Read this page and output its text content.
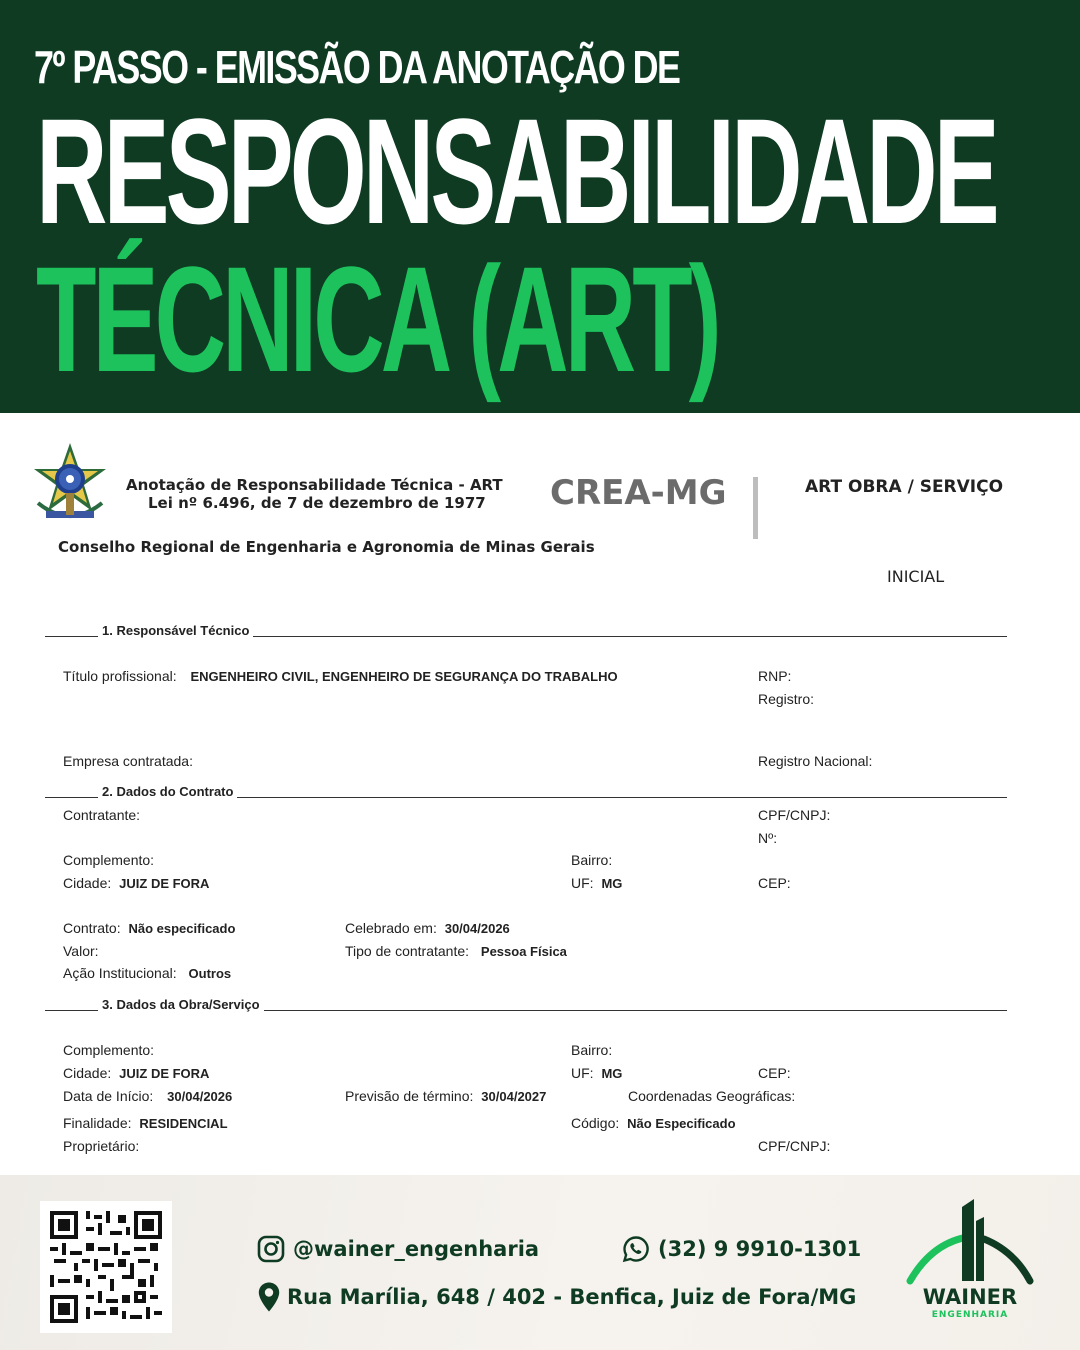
7º PASSO - EMISSÃO DA ANOTAÇÃO DE
RESPONSABILIDADE
TÉCNICA (ART)
Anotação de Responsabilidade Técnica - ART
Lei nº 6.496, de 7 de dezembro de 1977 CREA-MG	ART OBRA / SERVIÇO
Conselho Regional de Engenharia e Agronomia de Minas Gerais
INICIAL
1. Responsável Técnico
Título profissional: ENGENHEIRO CIVIL, ENGENHEIRO DE SEGURANÇA DO TRABALHO	RNP:
Registro:
Empresa contratada:	Registro Nacional:
2. Dados do Contrato
Contratante:	CPF/CNPJ:
Nº:
Complemento:	Bairro:
Cidade: JUIZ DE FORA	UF: MG	CEP:
Contrato: Não especificado	Celebrado em: 30/04/2026
Valor:	Tipo de contratante: Pessoa Física
Ação Institucional: Outros
3. Dados da Obra/Serviço
Complemento:	Bairro:
Cidade: JUIZ DE FORA	UF: MG	CEP:
Data de Início: 30/04/2026	Previsão de término: 30/04/2027	Coordenadas Geográficas:
Finalidade: RESIDENCIAL	Código: Não Especificado
Proprietário:	CPF/CNPJ:
@wainer_engenharia	(32) 9 9910-1301
Rua Marília, 648 / 402 - Benfica, Juiz de Fora/MG	WAINER
ENGENHARIA
